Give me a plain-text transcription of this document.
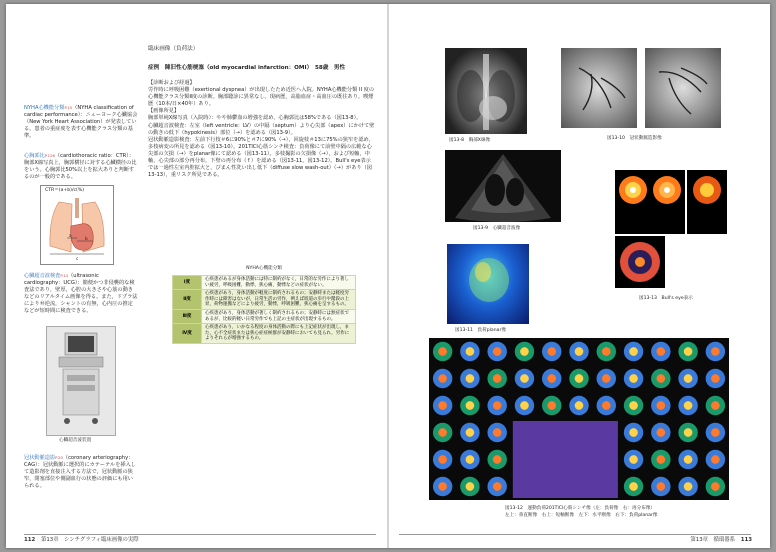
NYHA心機能分類P.15（NYHA classification of cardiac performance）：ニューヨーク心臓協会（New York Heart Association）が発表している。患者の重症度を表す心機能クラス分類の基準。

心胸郭比P.126（cardiothoracic ratio：CTR）：胸部X線写真上，胸郭横径に対する心臓横径の比をいう。心胸郭比50%以上を拡大ありと判断するのが一般的である。

CTR＝(a+b)/c(%)
a
b
c

心臓超音波検査P.14（ultrasonic cardiography：UCG）：簡便かつ非侵襲的な検査法であり，壁厚，心腔の大きさや心筋の動きなどのリアルタイム画像を得る。また，ドプラ法により弁逆流，シャントの有無，心内圧の推定などが短時間に検査できる。

心臓超音波装置

冠状動脈造影P.20（coronary arteriography：CAG）：冠状動脈に選択的にカテーテルを挿入して造影剤を直接注入する方法で，冠状動脈の狭窄，閉塞部位や側副血行の状態の評価にも用いられる。

臨床画像（負荷法）

症例　陳旧性心筋梗塞（old myocardial infarction：OMI）　58歳　男性

【診断および経過】

労作時に呼吸困難（exertional dyspnea）が出現したため近医へ入院。NYHA心機能分類 II 度の心機能クラス分類Ⅱ度の診断。胸部聴診に異常なし。現病歴，高脂血症・高血圧の既往あり。喫煙歴（10本/日×40年）あり。

【画像所見】

胸部単純X線写真（入院時）：やや肺鬱血の増強を認め，心胸郭比は58%である（図13-8）。

心臓超音波検査：左室（left ventricle：LV）の中隔（septum）より心尖部（apex）にかけて壁の動きの低下（hypokinesis）部位（→）を認める（図13-9）。

冠状動脈造影検査：左前下行枝＃6に90%と＃7に90%（→），回旋枝＃13に75%の狭窄を認め，多枝病変の所見を認める（図13-10）。201TlCl心筋シンチ検査：負荷像にて前壁中隔の広範な心尖部の欠損（→）をplanar像にて認める（図13-11）。多枝撮影の欠損像（→），および短軸，中軸，心尖部の部分再分布，下壁の再分布（↑）を認める（図13-11，図13-12）。Bull's eye表示では一過性左室内腔拡大と，びまん性洗い出し低下（diffuse slow wash-out）（→）があり（図13-13），重リスク所見である。

NYHA心機能分類
Ⅰ度	心疾患があるが身体活動には特に制約がなく，日常的な労作により著しい疲労，呼吸困難，動悸，狭心痛，動悸などの症状がない。
Ⅱ度	心疾患があり，身体活動が軽度に制約されるもの；安静時または軽度労作時には障害はないが，日常生活の労作，例えば坂道の歩行や階段の上昇，荷物運搬などにより疲労，動悸，呼吸困難，狭心痛を呈するもの。
Ⅲ度	心疾患があり，身体活動が著しく制約されるもの；安静時には無症状であるが，比較的軽い日常労作でも上記の主症状が出現するもの。
Ⅳ度	心疾患があり，いかなる程度の身体活動の際にも上記症状が出現し，また，心不全症状または狭心症症候群が安静時においても見られ，労作によりそれらが増強するもの。
112 第13章　シンチグラフィ臨床画像の実際
図13-8　胸部X線像	図13-10　冠状動脈造影像
図13-9　心臓超音波像
図13-13　Bull's eye表示
図13-11　負荷planar像
図13-12　運動負荷201TlCl心筋シンチ像（左：負荷像　右：再分布像）
左上：垂直断像　右上：短軸断像　左下：水平断像　右下：負荷planar像
第13章　循環器系 113
